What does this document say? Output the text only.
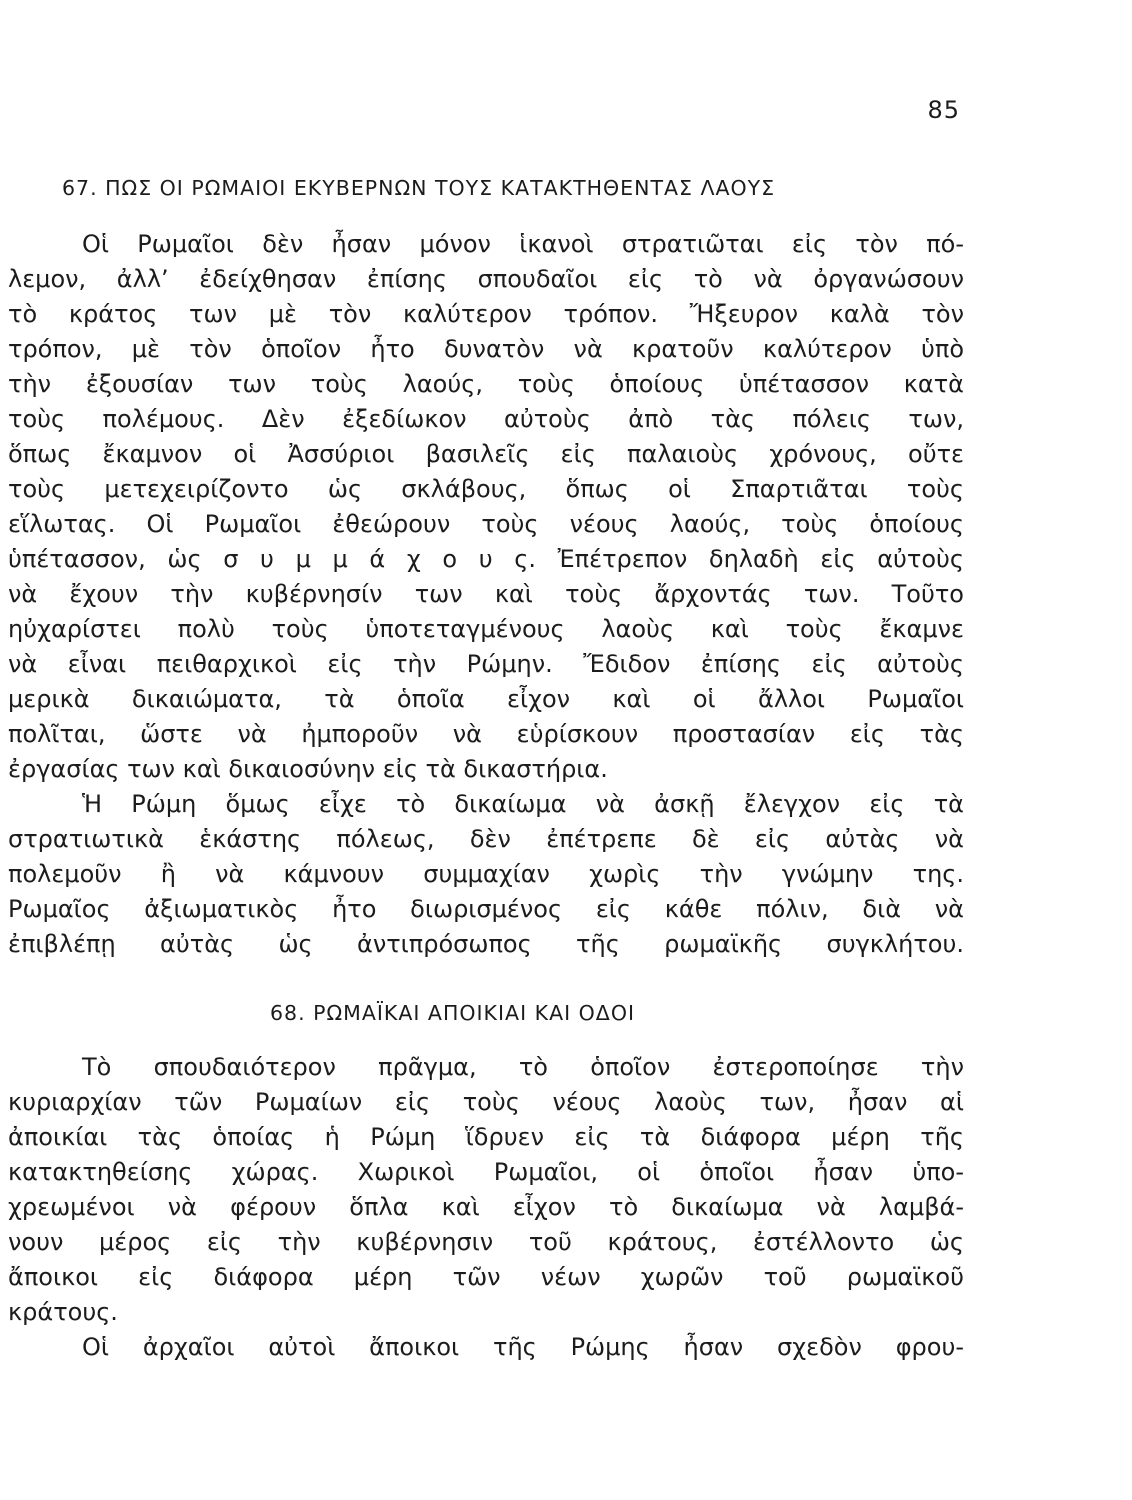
85
67. ΠΩΣ ΟΙ ΡΩΜΑΙΟΙ ΕΚΥΒΕΡΝΩΝ ΤΟΥΣ ΚΑΤΑΚΤΗΘΕΝΤΑΣ ΛΑΟΥΣ
Οἱ Ρωμαῖοι δὲν ἦσαν μόνον ἱκανοὶ στρατιῶται εἰς τὸν πό-
λεμον, ἀλλ’ ἐδείχθησαν ἐπίσης σπουδαῖοι εἰς τὸ νὰ ὀργανώσουν
τὸ κράτος των μὲ τὸν καλύτερον τρόπον. Ἤξευρον καλὰ τὸν
τρόπον, μὲ τὸν ὁποῖον ἦτο δυνατὸν νὰ κρατοῦν καλύτερον ὑπὸ
τὴν ἐξουσίαν των τοὺς λαούς, τοὺς ὁποίους ὑπέτασσον κατὰ
τοὺς πολέμους. Δὲν ἐξεδίωκον αὐτοὺς ἀπὸ τὰς πόλεις των,
ὅπως ἔκαμνον οἱ Ἀσσύριοι βασιλεῖς εἰς παλαιοὺς χρόνους, οὔτε
τοὺς μετεχειρίζοντο ὡς σκλάβους, ὅπως οἱ Σπαρτιᾶται τοὺς
εἵλωτας. Οἱ Ρωμαῖοι ἐθεώρουν τοὺς νέους λαούς, τοὺς ὁποίους
ὑπέτασσον, ὡς σ υ μ μ ά χ ο υ ς. Ἐπέτρεπον δηλαδὴ εἰς αὐτοὺς
νὰ ἔχουν τὴν κυβέρνησίν των καὶ τοὺς ἄρχοντάς των. Τοῦτο
ηὐχαρίστει πολὺ τοὺς ὑποτεταγμένους λαοὺς καὶ τοὺς ἔκαμνε
νὰ εἶναι πειθαρχικοὶ εἰς τὴν Ρώμην. Ἔδιδον ἐπίσης εἰς αὐτοὺς
μερικὰ δικαιώματα, τὰ ὁποῖα εἶχον καὶ οἱ ἄλλοι Ρωμαῖοι
πολῖται, ὥστε νὰ ἠμποροῦν νὰ εὑρίσκουν προστασίαν εἰς τὰς
ἐργασίας των καὶ δικαιοσύνην εἰς τὰ δικαστήρια.
Ἡ Ρώμη ὅμως εἶχε τὸ δικαίωμα νὰ ἀσκῇ ἔλεγχον εἰς τὰ
στρατιωτικὰ ἑκάστης πόλεως, δὲν ἐπέτρεπε δὲ εἰς αὐτὰς νὰ
πολεμοῦν ἢ νὰ κάμνουν συμμαχίαν χωρὶς τὴν γνώμην της.
Ρωμαῖος ἀξιωματικὸς ἦτο διωρισμένος εἰς κάθε πόλιν, διὰ νὰ
ἐπιβλέπῃ αὐτὰς ὡς ἀντιπρόσωπος τῆς ρωμαϊκῆς συγκλήτου.
68. ΡΩΜΑΪΚΑΙ ΑΠΟΙΚΙΑΙ ΚΑΙ ΟΔΟΙ
Τὸ σπουδαιότερον πρᾶγμα, τὸ ὁποῖον ἐστεροποίησε τὴν
κυριαρχίαν τῶν Ρωμαίων εἰς τοὺς νέους λαοὺς των, ἦσαν αἱ
ἀποικίαι τὰς ὁποίας ἡ Ρώμη ἵδρυεν εἰς τὰ διάφορα μέρη τῆς
κατακτηθείσης χώρας. Χωρικοὶ Ρωμαῖοι, οἱ ὁποῖοι ἦσαν ὑπο-
χρεωμένοι νὰ φέρουν ὅπλα καὶ εἶχον τὸ δικαίωμα νὰ λαμβά-
νουν μέρος εἰς τὴν κυβέρνησιν τοῦ κράτους, ἐστέλλοντο ὡς
ἄποικοι εἰς διάφορα μέρη τῶν νέων χωρῶν τοῦ ρωμαϊκοῦ
κράτους.
Οἱ ἀρχαῖοι αὐτοὶ ἄποικοι τῆς Ρώμης ἦσαν σχεδὸν φρου-
